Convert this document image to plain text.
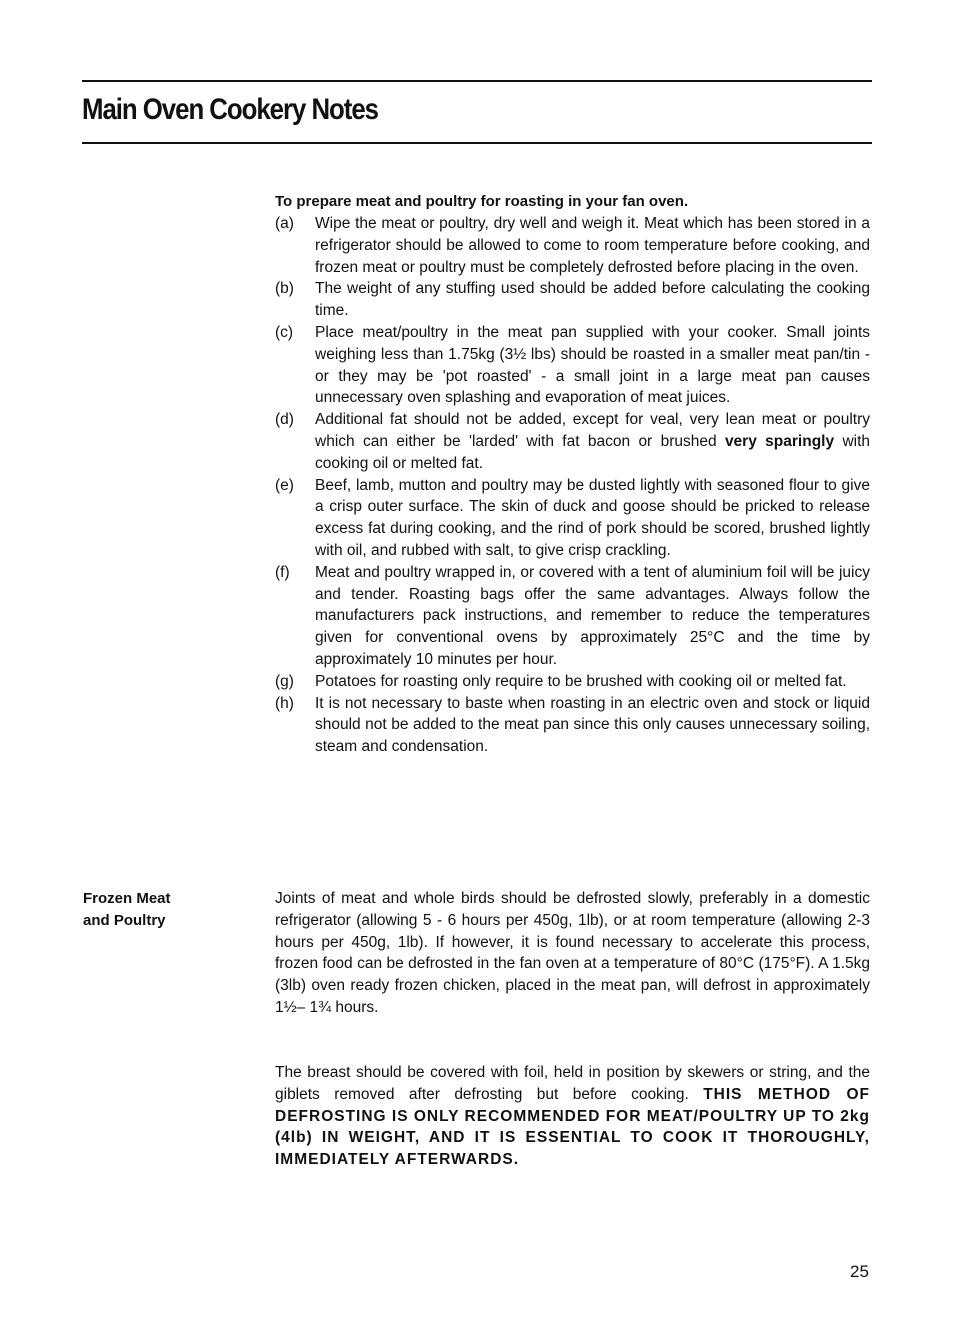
Main Oven Cookery Notes
To prepare meat and poultry for roasting in your fan oven.
(a)	Wipe the meat or poultry, dry well and weigh it. Meat which has been stored in a refrigerator should be allowed to come to room temperature before cooking, and frozen meat or poultry must be completely defrosted before placing in the oven.
(b)	The weight of any stuffing used should be added before calculating the cooking time.
(c)	Place meat/poultry in the meat pan supplied with your cooker. Small joints weighing less than 1.75kg (3½ lbs) should be roasted in a smaller meat pan/tin - or they may be 'pot roasted' - a small joint in a large meat pan causes unnecessary oven splashing and evaporation of meat juices.
(d)	Additional fat should not be added, except for veal, very lean meat or poultry which can either be 'larded' with fat bacon or brushed very sparingly with cooking oil or melted fat.
(e)	Beef, lamb, mutton and poultry may be dusted lightly with seasoned flour to give a crisp outer surface. The skin of duck and goose should be pricked to release excess fat during cooking, and the rind of pork should be scored, brushed lightly with oil, and rubbed with salt, to give crisp crackling.
(f)	Meat and poultry wrapped in, or covered with a tent of aluminium foil will be juicy and tender. Roasting bags offer the same advantages. Always follow the manufacturers pack instructions, and remember to reduce the temperatures given for conventional ovens by approximately 25°C and the time by approximately 10 minutes per hour.
(g)	Potatoes for roasting only require to be brushed with cooking oil or melted fat.
(h)	It is not necessary to baste when roasting in an electric oven and stock or liquid should not be added to the meat pan since this only causes unnecessary soiling, steam and condensation.
Frozen Meat
and Poultry
Joints of meat and whole birds should be defrosted slowly, preferably in a domestic refrigerator (allowing 5 - 6 hours per 450g, 1lb), or at room temperature (allowing 2-3 hours per 450g, 1lb). If however, it is found necessary to accelerate this process, frozen food can be defrosted in the fan oven at a temperature of 80°C (175°F). A 1.5kg (3lb) oven ready frozen chicken, placed in the meat pan, will defrost in approximately 1½– 1¾ hours.
The breast should be covered with foil, held in position by skewers or string, and the giblets removed after defrosting but before cooking. THIS METHOD OF DEFROSTING IS ONLY RECOMMENDED FOR MEAT/POULTRY UP TO 2kg (4lb) IN WEIGHT, AND IT IS ESSENTIAL TO COOK IT THOROUGHLY, IMMEDIATELY AFTERWARDS.
25
